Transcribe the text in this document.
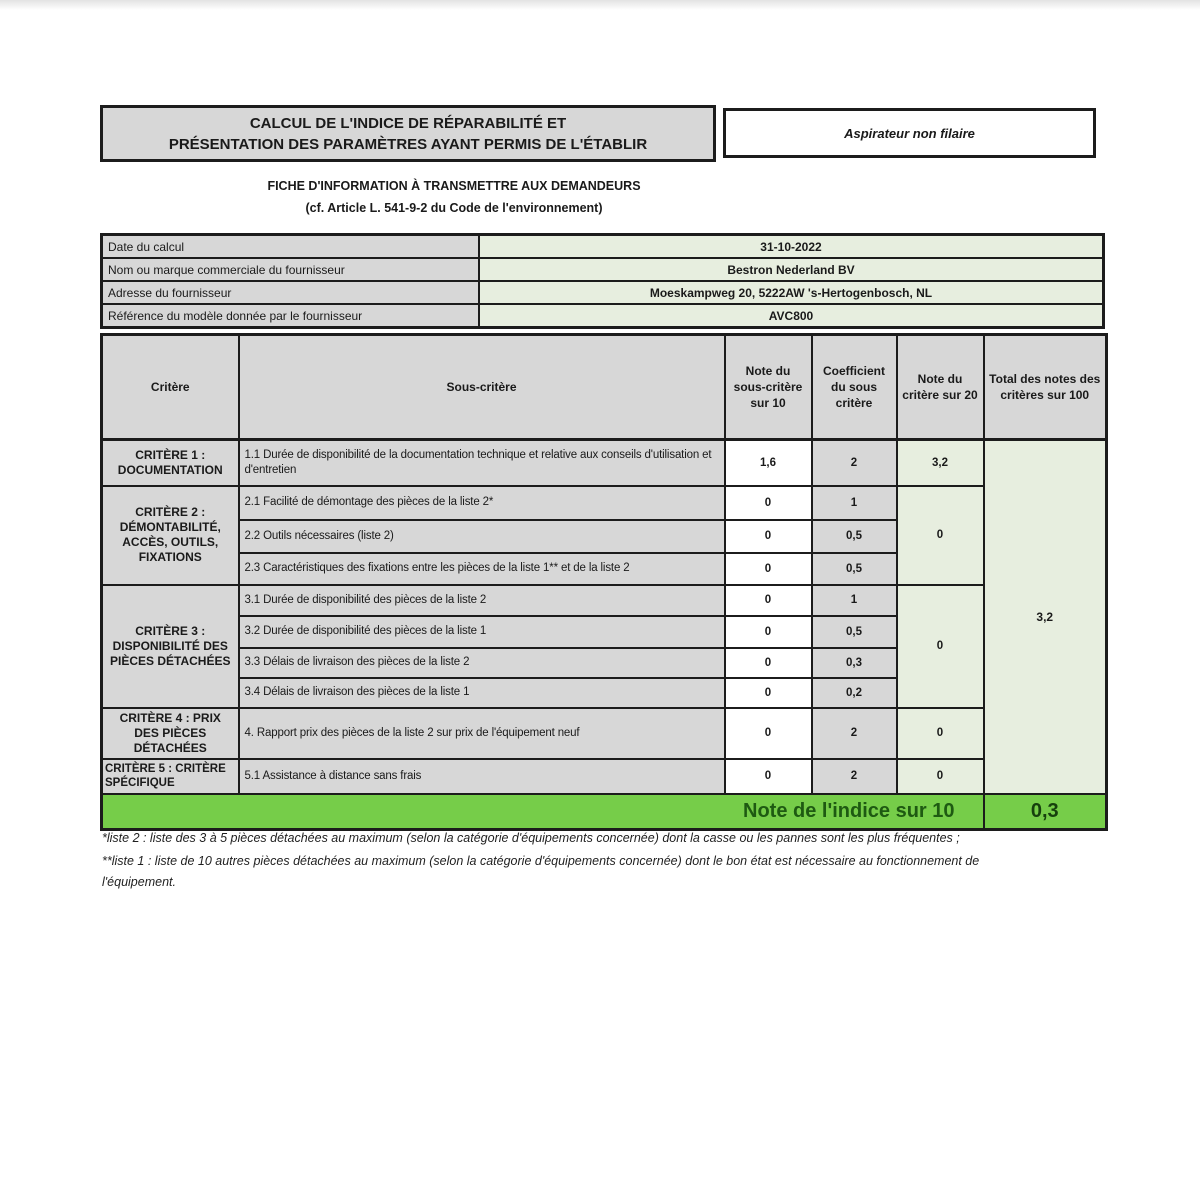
CALCUL DE L'INDICE DE RÉPARABILITÉ ET
PRÉSENTATION DES PARAMÈTRES AYANT PERMIS DE L'ÉTABLIR
Aspirateur non filaire
FICHE D'INFORMATION À TRANSMETTRE AUX DEMANDEURS
(cf. Article L. 541-9-2 du Code de l'environnement)
Date du calcul	31-10-2022
Nom ou marque commerciale du fournisseur	Bestron Nederland BV
Adresse du fournisseur	Moeskampweg 20, 5222AW 's-Hertogenbosch, NL
Référence du modèle donnée par le fournisseur	AVC800
Critère	Sous-critère	Note du sous-critère sur 10	Coefficient du sous critère	Note du critère sur 20	Total des notes des critères sur 100
CRITÈRE 1 : DOCUMENTATION	1.1 Durée de disponibilité de la documentation technique et relative aux conseils d'utilisation et d'entretien	1,6	2	3,2	3,2
CRITÈRE 2 : DÉMONTABILITÉ, ACCÈS, OUTILS, FIXATIONS	2.1 Facilité de démontage des pièces de la liste 2*	0	1	0	
	2.2 Outils nécessaires (liste 2)	0	0,5		
	2.3 Caractéristiques des fixations entre les pièces de la liste 1** et de la liste 2	0	0,5		
CRITÈRE 3 : DISPONIBILITÉ DES PIÈCES DÉTACHÉES	3.1 Durée de disponibilité des pièces de la liste 2	0	1	0	
	3.2 Durée de disponibilité des pièces de la liste 1	0	0,5		
	3.3 Délais de livraison des pièces de la liste 2	0	0,3		
	3.4 Délais de livraison des pièces de la liste 1	0	0,2		
CRITÈRE 4 : PRIX DES PIÈCES DÉTACHÉES	4. Rapport prix des pièces de la liste 2 sur prix de l'équipement neuf	0	2	0	
CRITÈRE 5 : CRITÈRE SPÉCIFIQUE	5.1 Assistance à distance sans frais	0	2	0	
Note de l'indice sur 10					0,3

*liste 2 : liste des 3 à 5 pièces détachées au maximum (selon la catégorie d'équipements concernée) dont la casse ou les pannes sont les plus fréquentes ;

**liste 1 : liste de 10 autres pièces détachées au maximum (selon la catégorie d'équipements concernée) dont le bon état est nécessaire au fonctionnement de l'équipement.
